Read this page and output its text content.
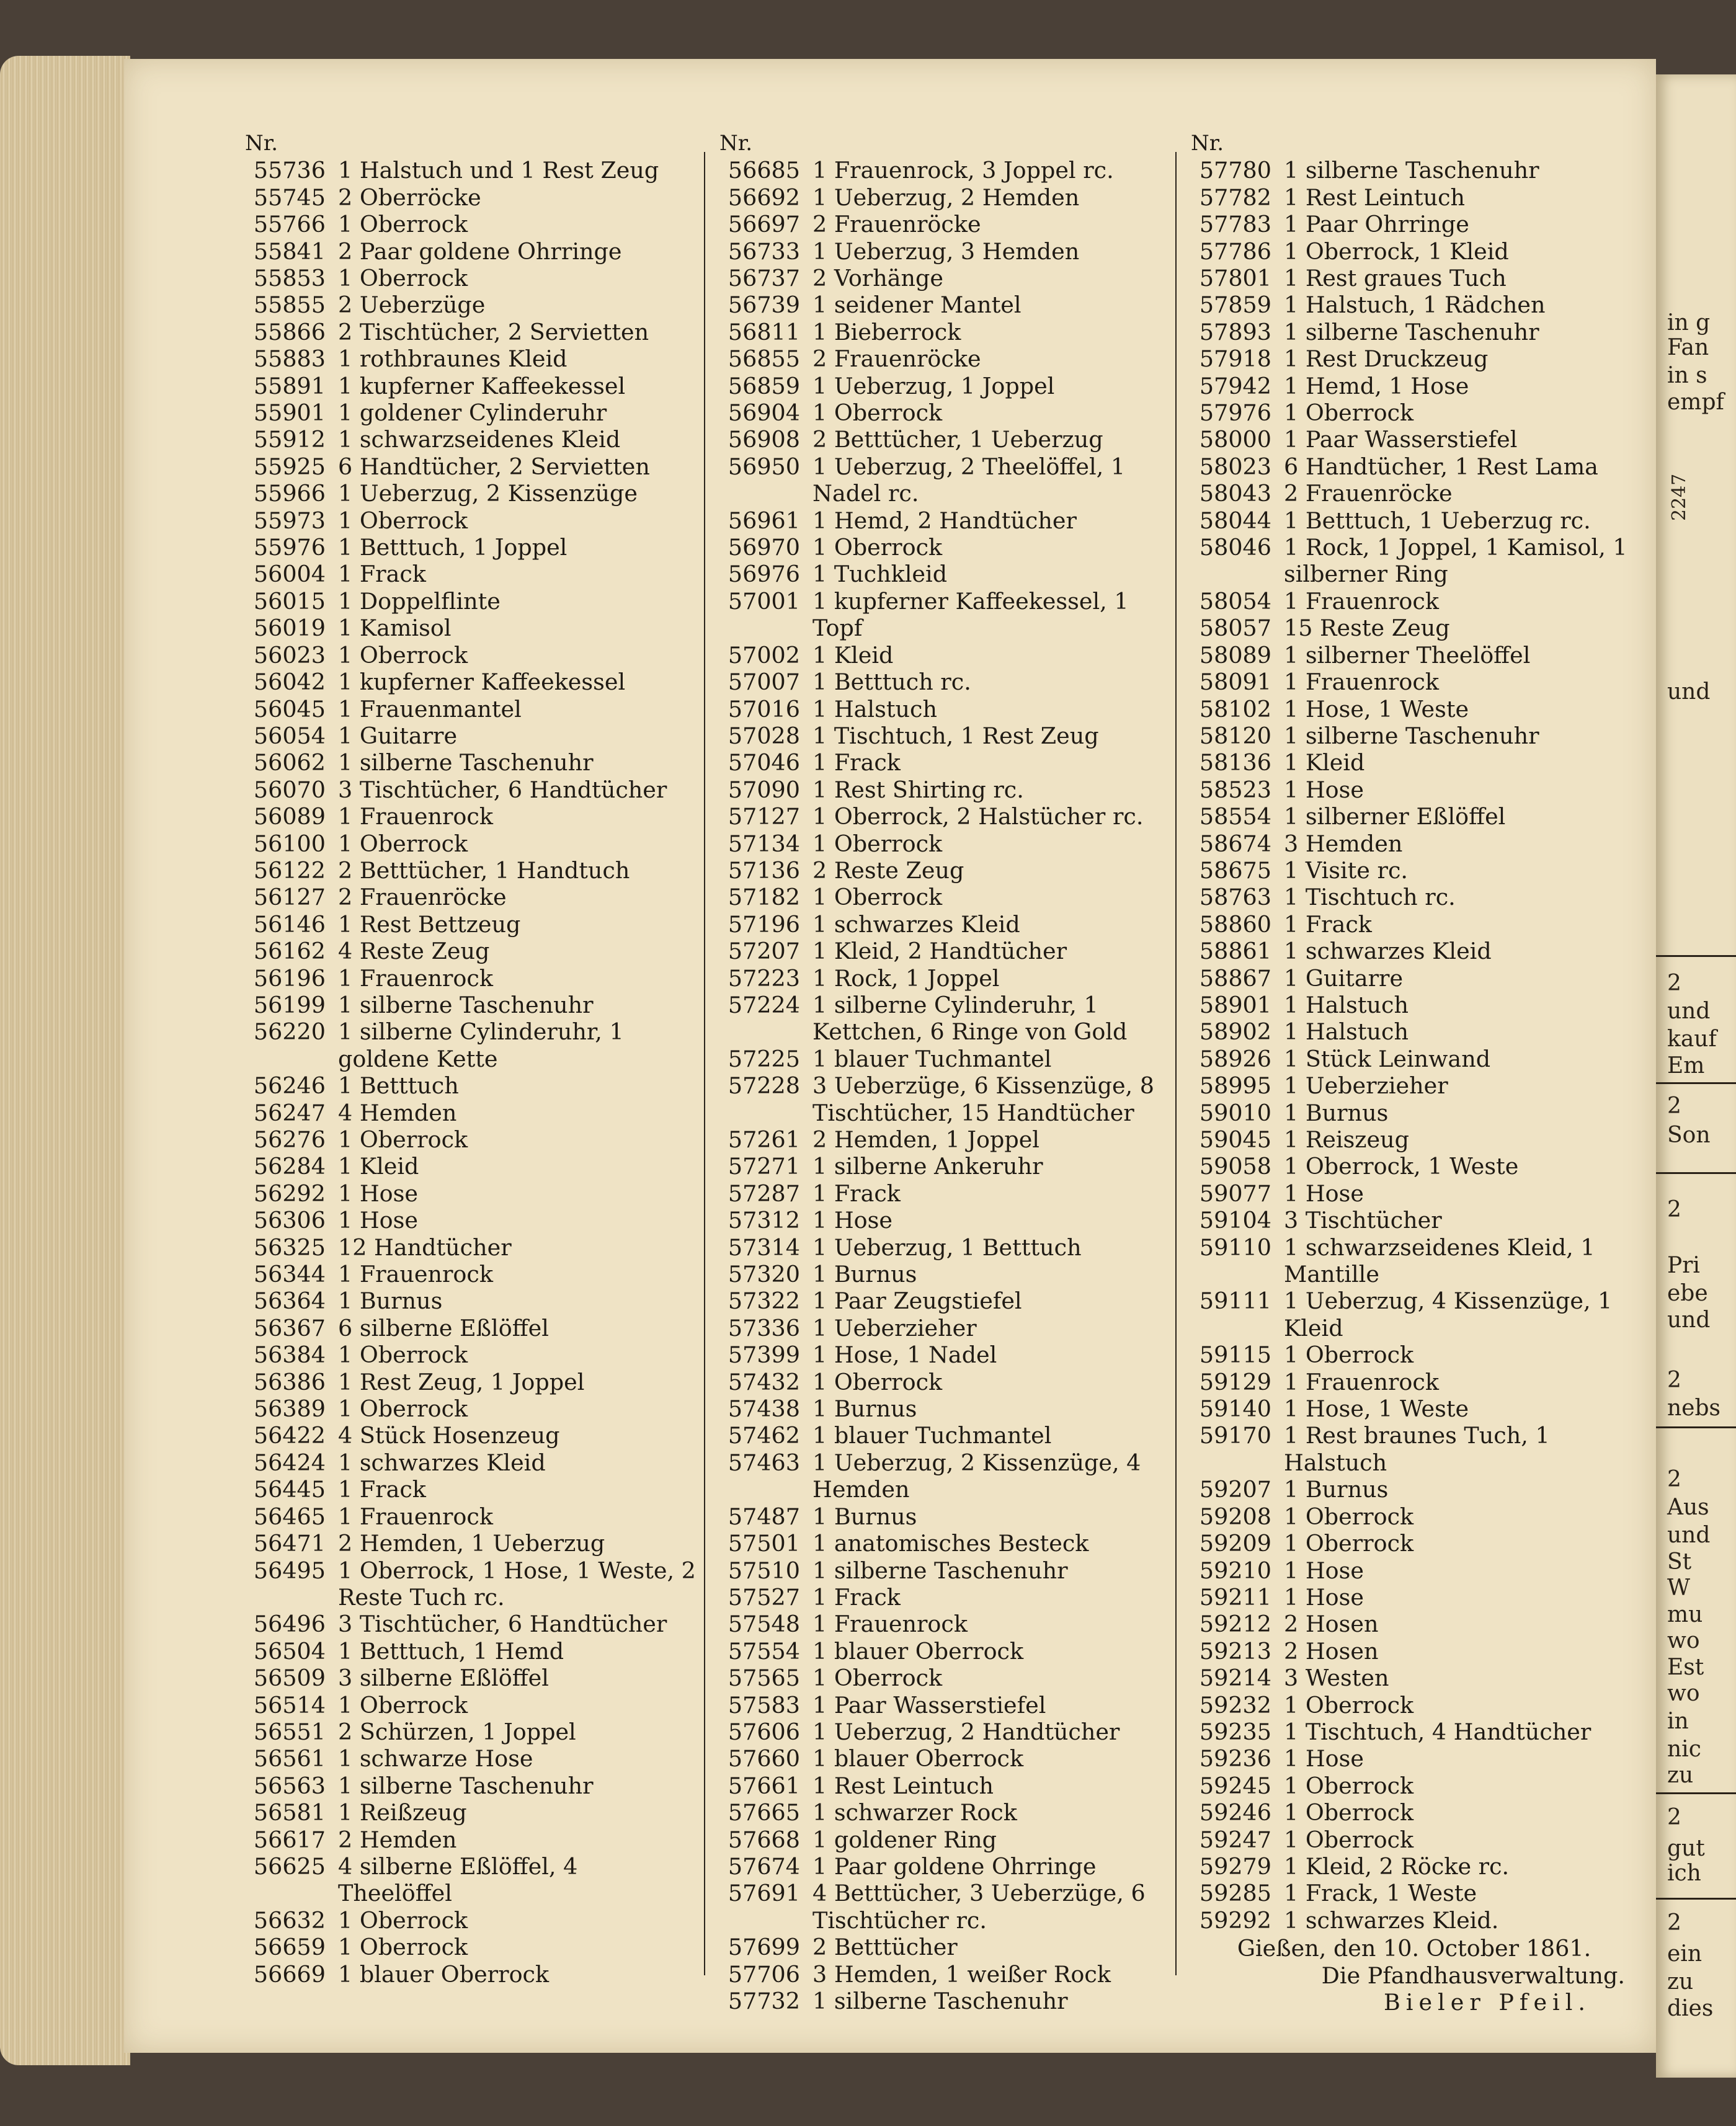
Nr.
55736 1 Halstuch und 1 Rest Zeug
55745 2 Oberröcke
55766 1 Oberrock
55841 2 Paar goldene Ohrringe
55853 1 Oberrock
55855 2 Ueberzüge
55866 2 Tischtücher, 2 Servietten
55883 1 rothbraunes Kleid
55891 1 kupferner Kaffeekessel
55901 1 goldener Cylinderuhr
55912 1 schwarzseidenes Kleid
55925 6 Handtücher, 2 Servietten
55966 1 Ueberzug, 2 Kissenzüge
55973 1 Oberrock
55976 1 Betttuch, 1 Joppel
56004 1 Frack
56015 1 Doppelflinte
56019 1 Kamisol
56023 1 Oberrock
56042 1 kupferner Kaffeekessel
56045 1 Frauenmantel
56054 1 Guitarre
56062 1 silberne Taschenuhr
56070 3 Tischtücher, 6 Handtücher
56089 1 Frauenrock
56100 1 Oberrock
56122 2 Betttücher, 1 Handtuch
56127 2 Frauenröcke
56146 1 Rest Bettzeug
56162 4 Reste Zeug
56196 1 Frauenrock
56199 1 silberne Taschenuhr
56220 1 silberne Cylinderuhr, 1 goldene Kette
56246 1 Betttuch
56247 4 Hemden
56276 1 Oberrock
56284 1 Kleid
56292 1 Hose
56306 1 Hose
56325 12 Handtücher
56344 1 Frauenrock
56364 1 Burnus
56367 6 silberne Eßlöffel
56384 1 Oberrock
56386 1 Rest Zeug, 1 Joppel
56389 1 Oberrock
56422 4 Stück Hosenzeug
56424 1 schwarzes Kleid
56445 1 Frack
56465 1 Frauenrock
56471 2 Hemden, 1 Ueberzug
56495 1 Oberrock, 1 Hose, 1 Weste, 2 Reste Tuch rc.
56496 3 Tischtücher, 6 Handtücher
56504 1 Betttuch, 1 Hemd
56509 3 silberne Eßlöffel
56514 1 Oberrock
56551 2 Schürzen, 1 Joppel
56561 1 schwarze Hose
56563 1 silberne Taschenuhr
56581 1 Reißzeug
56617 2 Hemden
56625 4 silberne Eßlöffel, 4 Theelöffel
56632 1 Oberrock
56659 1 Oberrock
56669 1 blauer Oberrock
Nr.
56685 1 Frauenrock, 3 Joppel rc.
56692 1 Ueberzug, 2 Hemden
56697 2 Frauenröcke
56733 1 Ueberzug, 3 Hemden
56737 2 Vorhänge
56739 1 seidener Mantel
56811 1 Bieberrock
56855 2 Frauenröcke
56859 1 Ueberzug, 1 Joppel
56904 1 Oberrock
56908 2 Betttücher, 1 Ueberzug
56950 1 Ueberzug, 2 Theelöffel, 1 Nadel rc.
56961 1 Hemd, 2 Handtücher
56970 1 Oberrock
56976 1 Tuchkleid
57001 1 kupferner Kaffeekessel, 1 Topf
57002 1 Kleid
57007 1 Betttuch rc.
57016 1 Halstuch
57028 1 Tischtuch, 1 Rest Zeug
57046 1 Frack
57090 1 Rest Shirting rc.
57127 1 Oberrock, 2 Halstücher rc.
57134 1 Oberrock
57136 2 Reste Zeug
57182 1 Oberrock
57196 1 schwarzes Kleid
57207 1 Kleid, 2 Handtücher
57223 1 Rock, 1 Joppel
57224 1 silberne Cylinderuhr, 1 Kettchen, 6 Ringe von Gold
57225 1 blauer Tuchmantel
57228 3 Ueberzüge, 6 Kissenzüge, 8 Tischtücher, 15 Handtücher
57261 2 Hemden, 1 Joppel
57271 1 silberne Ankeruhr
57287 1 Frack
57312 1 Hose
57314 1 Ueberzug, 1 Betttuch
57320 1 Burnus
57322 1 Paar Zeugstiefel
57336 1 Ueberzieher
57399 1 Hose, 1 Nadel
57432 1 Oberrock
57438 1 Burnus
57462 1 blauer Tuchmantel
57463 1 Ueberzug, 2 Kissenzüge, 4 Hemden
57487 1 Burnus
57501 1 anatomisches Besteck
57510 1 silberne Taschenuhr
57527 1 Frack
57548 1 Frauenrock
57554 1 blauer Oberrock
57565 1 Oberrock
57583 1 Paar Wasserstiefel
57606 1 Ueberzug, 2 Handtücher
57660 1 blauer Oberrock
57661 1 Rest Leintuch
57665 1 schwarzer Rock
57668 1 goldener Ring
57674 1 Paar goldene Ohrringe
57691 4 Betttücher, 3 Ueberzüge, 6 Tischtücher rc.
57699 2 Betttücher
57706 3 Hemden, 1 weißer Rock
57732 1 silberne Taschenuhr
Nr.
57780 1 silberne Taschenuhr
57782 1 Rest Leintuch
57783 1 Paar Ohrringe
57786 1 Oberrock, 1 Kleid
57801 1 Rest graues Tuch
57859 1 Halstuch, 1 Rädchen
57893 1 silberne Taschenuhr
57918 1 Rest Druckzeug
57942 1 Hemd, 1 Hose
57976 1 Oberrock
58000 1 Paar Wasserstiefel
58023 6 Handtücher, 1 Rest Lama
58043 2 Frauenröcke
58044 1 Betttuch, 1 Ueberzug rc.
58046 1 Rock, 1 Joppel, 1 Kamisol, 1 silberner Ring
58054 1 Frauenrock
58057 15 Reste Zeug
58089 1 silberner Theelöffel
58091 1 Frauenrock
58102 1 Hose, 1 Weste
58120 1 silberne Taschenuhr
58136 1 Kleid
58523 1 Hose
58554 1 silberner Eßlöffel
58674 3 Hemden
58675 1 Visite rc.
58763 1 Tischtuch rc.
58860 1 Frack
58861 1 schwarzes Kleid
58867 1 Guitarre
58901 1 Halstuch
58902 1 Halstuch
58926 1 Stück Leinwand
58995 1 Ueberzieher
59010 1 Burnus
59045 1 Reiszeug
59058 1 Oberrock, 1 Weste
59077 1 Hose
59104 3 Tischtücher
59110 1 schwarzseidenes Kleid, 1 Mantille
59111 1 Ueberzug, 4 Kissenzüge, 1 Kleid
59115 1 Oberrock
59129 1 Frauenrock
59140 1 Hose, 1 Weste
59170 1 Rest braunes Tuch, 1 Halstuch
59207 1 Burnus
59208 1 Oberrock
59209 1 Oberrock
59210 1 Hose
59211 1 Hose
59212 2 Hosen
59213 2 Hosen
59214 3 Westen
59232 1 Oberrock
59235 1 Tischtuch, 4 Handtücher
59236 1 Hose
59245 1 Oberrock
59246 1 Oberrock
59247 1 Oberrock
59279 1 Kleid, 2 Röcke rc.
59285 1 Frack, 1 Weste
59292 1 schwarzes Kleid.
Gießen, den 10. October 1861.
Die Pfandhausverwaltung.
Bieler Pfeil.
2247
in g
Fan
in s
empf
und
2
und
kauf
Em
2
Son
2
Pri
ebe
und
2
nebs
2
Aus
und
St
W
mu
wo
Est
wo
in
nic
zu
2
gut
ich
2
ein
zu
dies
